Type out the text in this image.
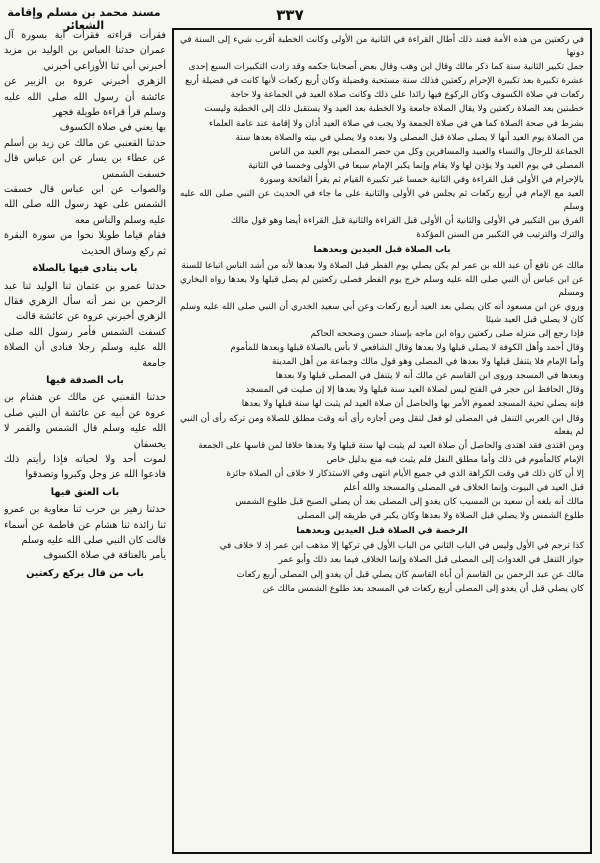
٣٣٧
مسند محمد بن مسلم وإقامة الشعائر

في ركعتين من هذه الأمة فعند ذلك أطال القراءة في الثانية من الأولى وكانت الخطبة أقرب شيء إلى السنة في دونها

جمل تكبير الثانية سنة كما ذكر مالك وقال ابن وهب وقال بعض أصحابنا حكمه وقد زادت التكبيرات السبع إحدى

عشرة تكبيرة بعد تكبيرة الإحرام ركعتين فذلك سنة مستحبة وفضيلة وكان أربع ركعات لأنها كانت في فضيلة أربع

ركعات في صلاة الكسوف وكان الركوع فيها زائدا على ذلك وكانت صلاة العيد في الجماعة ولا حاجة

خطبتين بعد الصلاة ركعتين ولا يقال الصلاة جامعة ولا الخطبة بعد العيد ولا يستقبل ذلك إلى الخطبة وليست

بشرط في صحة الصلاة كما هي في صلاة الجمعة ولا يجب في صلاة العيد أذان ولا إقامة عند عامة العلماء

من الصلاة يوم العيد أنها لا يصلى صلاة قبل المصلى ولا بعده ولا يصلي في بيته والصلاة بعدها سنة

الجماعة للرجال والنساء والعبيد والمسافرين وكل من حضر المصلى يوم العيد من الناس

المصلى في يوم العيد ولا يؤذن لها ولا يقام وإنما يكبر الإمام سبعا في الأولى وخمسا في الثانية

بالإحرام في الأولى قبل القراءة وفي الثانية خمسا غير تكبيرة القيام ثم يقرأ الفاتحة وسورة

العيد مع الإمام في أربع ركعات ثم يجلس في الأولى والثانية على ما جاء في الحديث عن النبي صلى الله عليه وسلم

الفرق بين التكبير في الأولى والثانية أن الأولى قبل القراءة والثانية قبل القراءة أيضا وهو قول مالك

والترك والترتيب في التكبير من السنن المؤكدة

باب الصلاة قبل العيدين وبعدهما

مالك عن نافع أن عبد الله بن عمر لم يكن يصلي يوم الفطر قبل الصلاة ولا بعدها لأنه من أشد الناس اتباعا للسنة

عن ابن عباس أن النبي صلى الله عليه وسلم خرج يوم الفطر فصلى ركعتين لم يصل قبلها ولا بعدها رواه البخاري ومسلم

وروي عن ابن مسعود أنه كان يصلي بعد العيد أربع ركعات وعن أبي سعيد الخدري أن النبي صلى الله عليه وسلم كان لا يصلي قبل العيد شيئا

فإذا رجع إلى منزله صلى ركعتين رواه ابن ماجه بإسناد حسن وصححه الحاكم

وقال أحمد وأهل الكوفة لا يصلى قبلها ولا بعدها وقال الشافعي لا بأس بالصلاة قبلها وبعدها للمأموم

وأما الإمام فلا يتنفل قبلها ولا بعدها في المصلى وهو قول مالك وجماعة من أهل المدينة

وبعدها في المسجد وروى ابن القاسم عن مالك أنه لا يتنفل في المصلى قبلها ولا بعدها

وقال الحافظ ابن حجر في الفتح ليس لصلاة العيد سنة قبلها ولا بعدها إلا إن صليت في المسجد

فإنه يصلي تحية المسجد لعموم الأمر بها والحاصل أن صلاة العيد لم يثبت لها سنة قبلها ولا بعدها

وقال ابن العربي التنفل في المصلى لو فعل لنقل ومن أجازه رأى أنه وقت مطلق للصلاة ومن تركه رأى أن النبي لم يفعله

ومن اقتدى فقد اهتدى والحاصل أن صلاة العيد لم يثبت لها سنة قبلها ولا بعدها خلافا لمن قاسها على الجمعة

الإمام كالمأموم في ذلك وأما مطلق النفل فلم يثبت فيه منع بدليل خاص

إلا أن كان ذلك في وقت الكراهة الذي في جميع الأيام انتهى وفي الاستذكار لا خلاف أن الصلاة جائزة

قبل العيد في البيوت وإنما الخلاف في المصلى والمسجد والله أعلم

مالك أنه بلغه أن سعيد بن المسيب كان يغدو إلى المصلى بعد أن يصلي الصبح قبل طلوع الشمس

طلوع الشمس ولا يصلي قبل الصلاة ولا بعدها وكان يكبر في طريقه إلى المصلى

الرخصة في الصلاة قبل العيدين وبعدهما

كذا ترجم في الأول وليس في الباب الثاني من الباب الأول في تركها إلا مذهب ابن عمر إذ لا خلاف في

جواز التنفل في الغدوات إلى المصلى قبل الصلاة وإنما الخلاف فيما بعد ذلك وأبو عمر

مالك عن عبد الرحمن بن القاسم أن أباه القاسم كان يصلي قبل أن يغدو إلى المصلى أربع ركعات

كان يصلي قبل أن يغدو إلى المصلى أربع ركعات في المسجد بعد طلوع الشمس مالك عن

فقرأت قراءته فقرأت آية بسورة آل عمران حدثنا العباس بن الوليد بن مزيد أخبرني أبي ثنا الأوزاعي أخبرني

الزهري أخبرني عروة بن الزبير عن عائشة أن رسول الله صلى الله عليه وسلم قرأ قراءة طويلة فجهر

بها يعني في صلاة الكسوف

حدثنا القعنبي عن مالك عن زيد بن أسلم عن عطاء بن يسار عن ابن عباس قال خسفت الشمس

والصواب عن ابن عباس قال خسفت الشمس على عهد رسول الله صلى الله عليه وسلم والناس معه

فقام قياما طويلا نحوا من سورة البقرة ثم ركع وساق الحديث

باب ينادى فيها بالصلاة

حدثنا عمرو بن عثمان ثنا الوليد ثنا عبد الرحمن بن نمر أنه سأل الزهري فقال الزهري أخبرني عروة عن عائشة قالت

كسفت الشمس فأمر رسول الله صلى الله عليه وسلم رجلا فنادى أن الصلاة جامعة

باب الصدقة فيها

حدثنا القعنبي عن مالك عن هشام بن عروة عن أبيه عن عائشة أن النبي صلى الله عليه وسلم قال الشمس والقمر لا يخسفان

لموت أحد ولا لحياته فإذا رأيتم ذلك فادعوا الله عز وجل وكبروا وتصدقوا

باب العتق فيها

حدثنا زهير بن حرب ثنا معاوية بن عمرو ثنا زائدة ثنا هشام عن فاطمة عن أسماء قالت كان النبي صلى الله عليه وسلم

يأمر بالعتاقة في صلاة الكسوف

باب من قال يركع ركعتين
